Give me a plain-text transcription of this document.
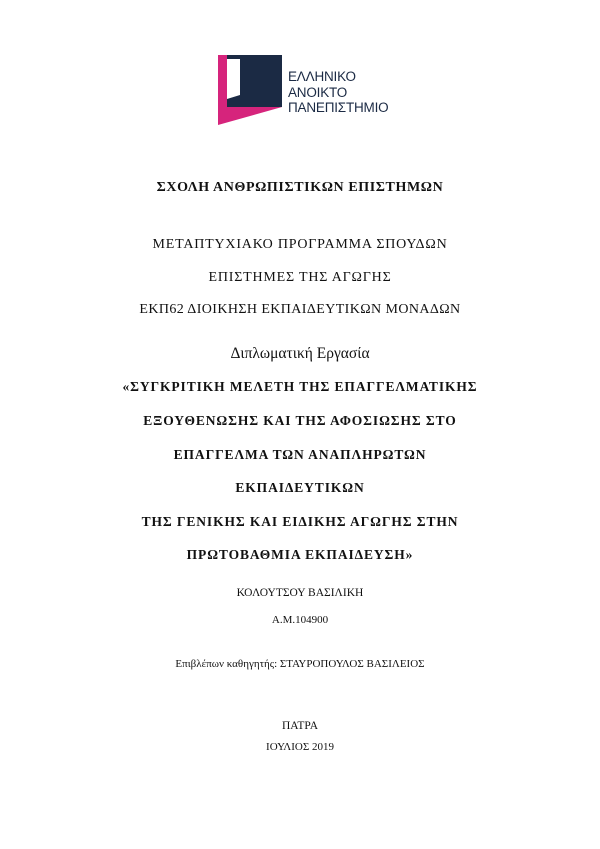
ΕΛΛΗΝΙΚΟ
ΑΝΟΙΚΤΟ
ΠΑΝΕΠΙΣΤΗΜΙΟ
ΣΧΟΛΗ ΑΝΘΡΩΠΙΣΤΙΚΩΝ ΕΠΙΣΤΗΜΩΝ
ΜΕΤΑΠΤΥΧΙΑΚΟ ΠΡΟΓΡΑΜΜΑ ΣΠΟΥΔΩΝ
ΕΠΙΣΤΗΜΕΣ ΤΗΣ ΑΓΩΓΗΣ
ΕΚΠ62 ΔΙΟΙΚΗΣΗ ΕΚΠΑΙΔΕΥΤΙΚΩΝ ΜΟΝΑΔΩΝ
Διπλωματική Εργασία
«ΣΥΓΚΡΙΤΙΚΗ ΜΕΛΕΤΗ ΤΗΣ ΕΠΑΓΓΕΛΜΑΤΙΚΗΣ
ΕΞΟΥΘΕΝΩΣΗΣ ΚΑΙ ΤΗΣ ΑΦΟΣΙΩΣΗΣ ΣΤΟ
ΕΠΑΓΓΕΛΜΑ ΤΩΝ ΑΝΑΠΛΗΡΩΤΩΝ
ΕΚΠΑΙΔΕΥΤΙΚΩΝ
ΤΗΣ ΓΕΝΙΚΗΣ ΚΑΙ ΕΙΔΙΚΗΣ ΑΓΩΓΗΣ ΣΤΗΝ
ΠΡΩΤΟΒΑΘΜΙΑ ΕΚΠΑΙΔΕΥΣΗ»
ΚΟΛΟΥΤΣΟΥ ΒΑΣΙΛΙΚΗ
Α.Μ.104900
Επιβλέπων καθηγητής: ΣΤΑΥΡΟΠΟΥΛΟΣ ΒΑΣΙΛΕΙΟΣ
ΠΑΤΡΑ
ΙΟΥΛΙΟΣ 2019
